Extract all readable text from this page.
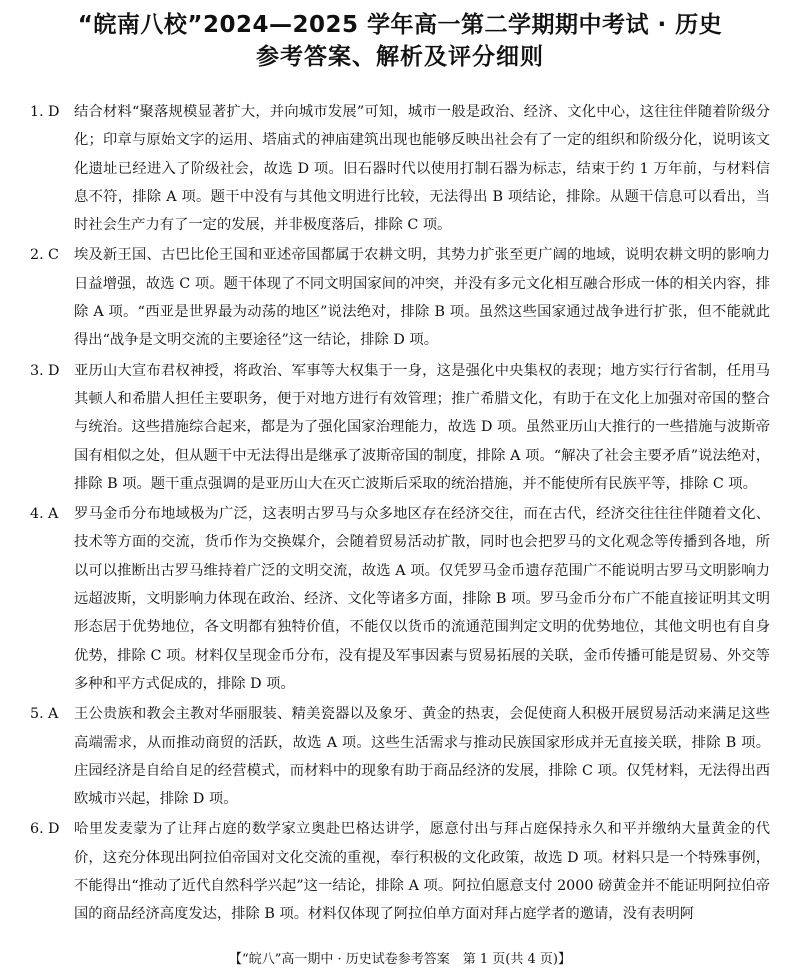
“皖南八校”2024—2025 学年高一第二学期期中考试 · 历史
参考答案、解析及评分细则
1. D	结合材料“聚落规模显著扩大，并向城市发展”可知，城市一般是政治、经济、文化中心，这往往伴随着阶级分化；印章与原始文字的运用、塔庙式的神庙建筑出现也能够反映出社会有了一定的组织和阶级分化，说明该文化遗址已经进入了阶级社会，故选 D 项。旧石器时代以使用打制石器为标志，结束于约 1 万年前，与材料信息不符，排除 A 项。题干中没有与其他文明进行比较，无法得出 B 项结论，排除。从题干信息可以看出，当时社会生产力有了一定的发展，并非极度落后，排除 C 项。
2. C	埃及新王国、古巴比伦王国和亚述帝国都属于农耕文明，其势力扩张至更广阔的地域，说明农耕文明的影响力日益增强，故选 C 项。题干体现了不同文明国家间的冲突，并没有多元文化相互融合形成一体的相关内容，排除 A 项。“西亚是世界最为动荡的地区”说法绝对，排除 B 项。虽然这些国家通过战争进行扩张，但不能就此得出“战争是文明交流的主要途径”这一结论，排除 D 项。
3. D	亚历山大宣布君权神授，将政治、军事等大权集于一身，这是强化中央集权的表现；地方实行行省制，任用马其顿人和希腊人担任主要职务，便于对地方进行有效管理；推广希腊文化，有助于在文化上加强对帝国的整合与统治。这些措施综合起来，都是为了强化国家治理能力，故选 D 项。虽然亚历山大推行的一些措施与波斯帝国有相似之处，但从题干中无法得出是继承了波斯帝国的制度，排除 A 项。“解决了社会主要矛盾”说法绝对，排除 B 项。题干重点强调的是亚历山大在灭亡波斯后采取的统治措施，并不能使所有民族平等，排除 C 项。
4. A	罗马金币分布地域极为广泛，这表明古罗马与众多地区存在经济交往，而在古代，经济交往往往伴随着文化、技术等方面的交流，货币作为交换媒介，会随着贸易活动扩散，同时也会把罗马的文化观念等传播到各地，所以可以推断出古罗马维持着广泛的文明交流，故选 A 项。仅凭罗马金币遗存范围广不能说明古罗马文明影响力远超波斯，文明影响力体现在政治、经济、文化等诸多方面，排除 B 项。罗马金币分布广不能直接证明其文明形态居于优势地位，各文明都有独特价值，不能仅以货币的流通范围判定文明的优势地位，其他文明也有自身优势，排除 C 项。材料仅呈现金币分布，没有提及军事因素与贸易拓展的关联，金币传播可能是贸易、外交等多种和平方式促成的，排除 D 项。
5. A	王公贵族和教会主教对华丽服装、精美瓷器以及象牙、黄金的热衷，会促使商人积极开展贸易活动来满足这些高端需求，从而推动商贸的活跃，故选 A 项。这些生活需求与推动民族国家形成并无直接关联，排除 B 项。庄园经济是自给自足的经营模式，而材料中的现象有助于商品经济的发展，排除 C 项。仅凭材料，无法得出西欧城市兴起，排除 D 项。
6. D	哈里发麦蒙为了让拜占庭的数学家立奥赴巴格达讲学，愿意付出与拜占庭保持永久和平并缴纳大量黄金的代价，这充分体现出阿拉伯帝国对文化交流的重视，奉行积极的文化政策，故选 D 项。材料只是一个特殊事例，不能得出“推动了近代自然科学兴起”这一结论，排除 A 项。阿拉伯愿意支付 2000 磅黄金并不能证明阿拉伯帝国的商品经济高度发达，排除 B 项。材料仅体现了阿拉伯单方面对拜占庭学者的邀请，没有表明阿
【“皖八”高一期中 · 历史试卷参考答案　第 1 页(共 4 页)】
